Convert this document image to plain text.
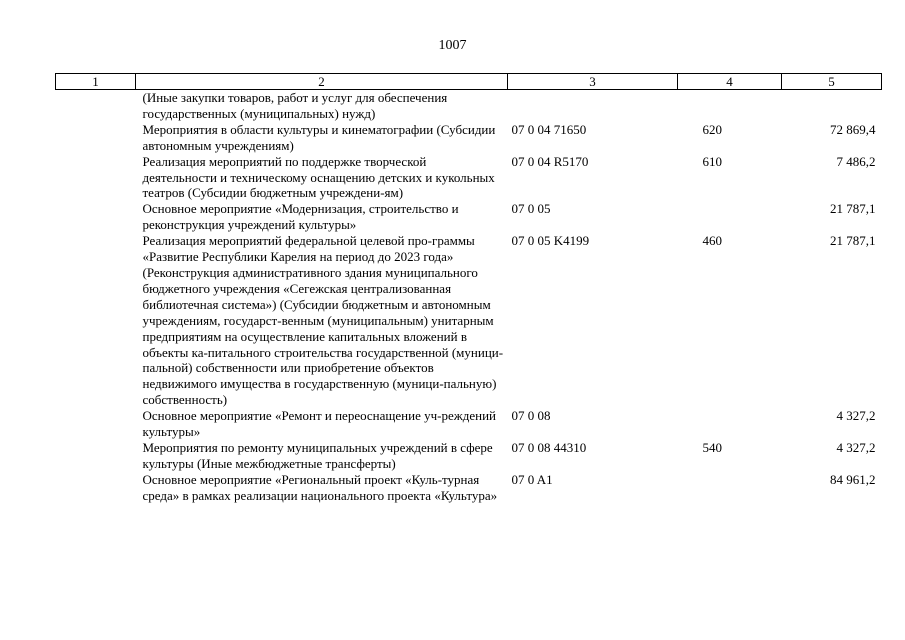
1007
1	2	3	4	5
	(Иные закупки товаров, работ и услуг для обеспечения государственных (муниципальных) нужд)			
	Мероприятия в области культуры и кинематографии (Субсидии автономным учреждениям)	07 0 04 71650	620	72 869,4
	Реализация мероприятий по поддержке творческой деятельности и техническому оснащению детских и кукольных театров (Субсидии бюджетным учреждени-ям)	07 0 04 R5170	610	7 486,2
	Основное мероприятие «Модернизация, строительство и реконструкция учреждений культуры»	07 0 05		21 787,1
	Реализация мероприятий федеральной целевой про-граммы «Развитие Республики Карелия на период до 2023 года» (Реконструкция административного здания муниципального бюджетного учреждения «Сегежская централизованная библиотечная система») (Субсидии бюджетным и автономным учреждениям, государст-венным (муниципальным) унитарным предприятиям на осуществление капитальных вложений в объекты ка-питального строительства государственной (муници-пальной) собственности или приобретение объектов недвижимого имущества в государственную (муници-пальную) собственность)	07 0 05 K4199	460	21 787,1
	Основное мероприятие «Ремонт и переоснащение уч-реждений культуры»	07 0 08		4 327,2
	Мероприятия по ремонту муниципальных учреждений в сфере культуры (Иные межбюджетные трансферты)	07 0 08 44310	540	4 327,2
	Основное мероприятие «Региональный проект «Куль-турная среда» в рамках реализации национального проекта «Культура»	07 0 A1		84 961,2
